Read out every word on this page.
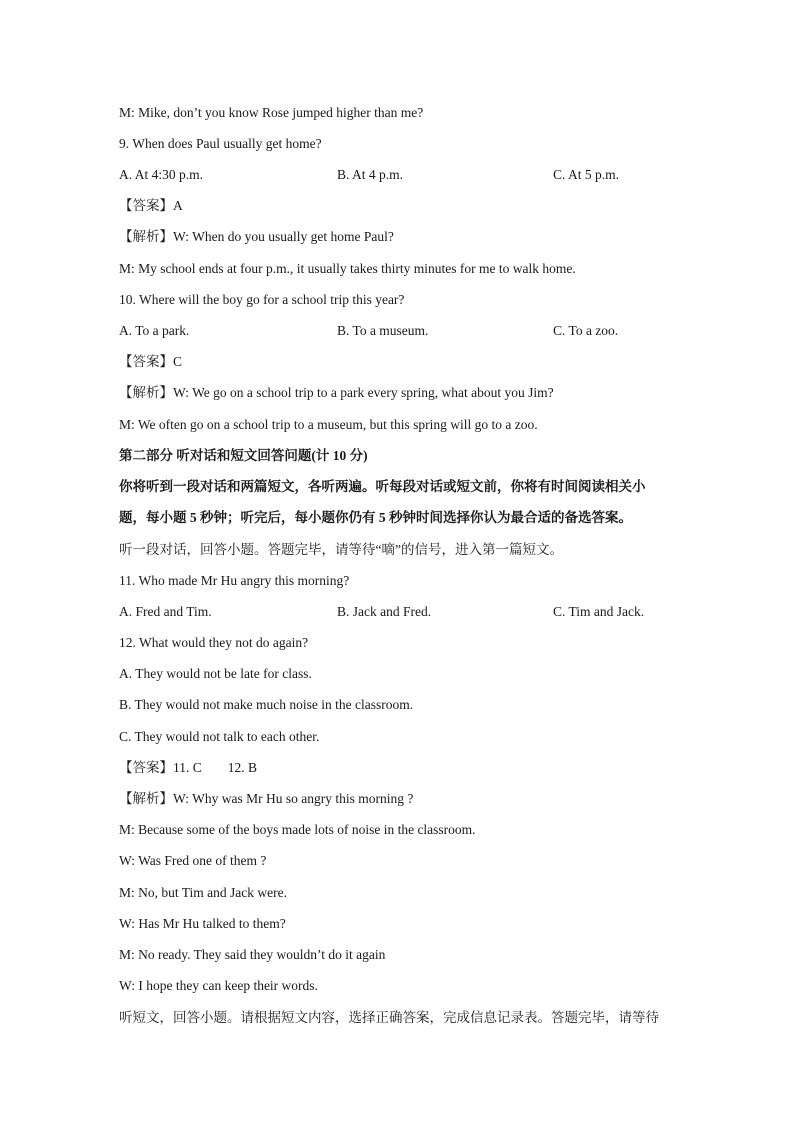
M: Mike, don’t you know Rose jumped higher than me?
9. When does Paul usually get home?
A. At 4:30 p.m.	B. At 4 p.m.	C. At 5 p.m.
【答案】A
【解析】W: When do you usually get home Paul?
M: My school ends at four p.m., it usually takes thirty minutes for me to walk home.
10. Where will the boy go for a school trip this year?
A. To a park.	B. To a museum.	C. To a zoo.
【答案】C
【解析】W: We go on a school trip to a park every spring, what about you Jim?
M: We often go on a school trip to a museum, but this spring will go to a zoo.
第二部分 听对话和短文回答问题(计 10 分)
你将听到一段对话和两篇短文，各听两遍。听每段对话或短文前，你将有时间阅读相关小
题，每小题 5 秒钟；听完后，每小题你仍有 5 秒钟时间选择你认为最合适的备选答案。
听一段对话，回答小题。答题完毕，请等待“嘀”的信号，进入第一篇短文。
11. Who made Mr Hu angry this morning?
A. Fred and Tim.	B. Jack and Fred.	C. Tim and Jack.
12. What would they not do again?
A. They would not be late for class.
B. They would not make much noise in the classroom.
C. They would not talk to each other.
【答案】11. C 12. B
【解析】W: Why was Mr Hu so angry this morning ?
M: Because some of the boys made lots of noise in the classroom.
W: Was Fred one of them ?
M: No, but Tim and Jack were.
W: Has Mr Hu talked to them?
M: No ready. They said they wouldn’t do it again
W: I hope they can keep their words.
听短文，回答小题。请根据短文内容，选择正确答案，完成信息记录表。答题完毕，请等待
